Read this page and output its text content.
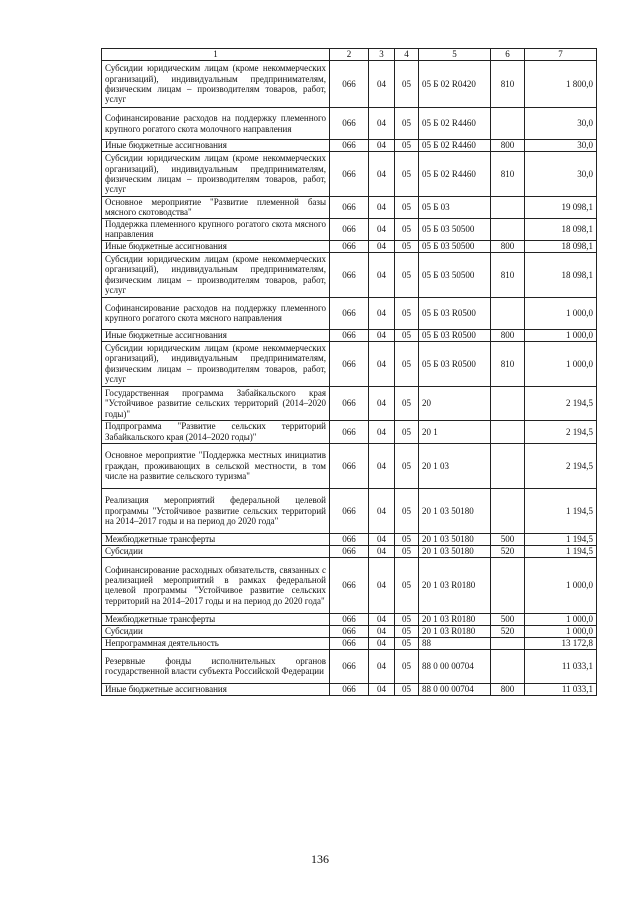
1	2	3	4	5	6	7
Субсидии юридическим лицам (кроме некоммерческих организаций), индивидуальным предпринимателям, физическим лицам – производителям товаров, работ, услуг	066	04	05	05 Б 02 R0420	810	1 800,0
Софинансирование расходов на поддержку племенного крупного рогатого скота молочного направления	066	04	05	05 Б 02 R4460		30,0
Иные бюджетные ассигнования	066	04	05	05 Б 02 R4460	800	30,0
Субсидии юридическим лицам (кроме некоммерческих организаций), индивидуальным предпринимателям, физическим лицам – производителям товаров, работ, услуг	066	04	05	05 Б 02 R4460	810	30,0
Основное мероприятие "Развитие племенной базы мясного скотоводства"	066	04	05	05 Б 03		19 098,1
Поддержка племенного крупного рогатого скота мясного направления	066	04	05	05 Б 03 50500		18 098,1
Иные бюджетные ассигнования	066	04	05	05 Б 03 50500	800	18 098,1
Субсидии юридическим лицам (кроме некоммерческих организаций), индивидуальным предпринимателям, физическим лицам – производителям товаров, работ, услуг	066	04	05	05 Б 03 50500	810	18 098,1
Софинансирование расходов на поддержку племенного крупного рогатого скота мясного направления	066	04	05	05 Б 03 R0500		1 000,0
Иные бюджетные ассигнования	066	04	05	05 Б 03 R0500	800	1 000,0
Субсидии юридическим лицам (кроме некоммерческих организаций), индивидуальным предпринимателям, физическим лицам – производителям товаров, работ, услуг	066	04	05	05 Б 03 R0500	810	1 000,0
Государственная программа Забайкальского края "Устойчивое развитие сельских территорий (2014–2020 годы)"	066	04	05	20		2 194,5
Подпрограмма "Развитие сельских территорий Забайкальского края (2014–2020 годы)"	066	04	05	20 1		2 194,5
Основное мероприятие "Поддержка местных инициатив граждан, проживающих в сельской местности, в том числе на развитие сельского туризма"	066	04	05	20 1 03		2 194,5
Реализация мероприятий федеральной целевой программы "Устойчивое развитие сельских территорий на 2014–2017 годы и на период до 2020 года"	066	04	05	20 1 03 50180		1 194,5
Межбюджетные трансферты	066	04	05	20 1 03 50180	500	1 194,5
Субсидии	066	04	05	20 1 03 50180	520	1 194,5
Софинансирование расходных обязательств, связанных с реализацией мероприятий в рамках федеральной целевой программы "Устойчивое развитие сельских территорий на 2014–2017 годы и на период до 2020 года"	066	04	05	20 1 03 R0180		1 000,0
Межбюджетные трансферты	066	04	05	20 1 03 R0180	500	1 000,0
Субсидии	066	04	05	20 1 03 R0180	520	1 000,0
Непрограммная деятельность	066	04	05	88		13 172,8
Резервные фонды исполнительных органов государственной власти субъекта Российской Федерации	066	04	05	88 0 00 00704		11 033,1
Иные бюджетные ассигнования	066	04	05	88 0 00 00704	800	11 033,1
136
